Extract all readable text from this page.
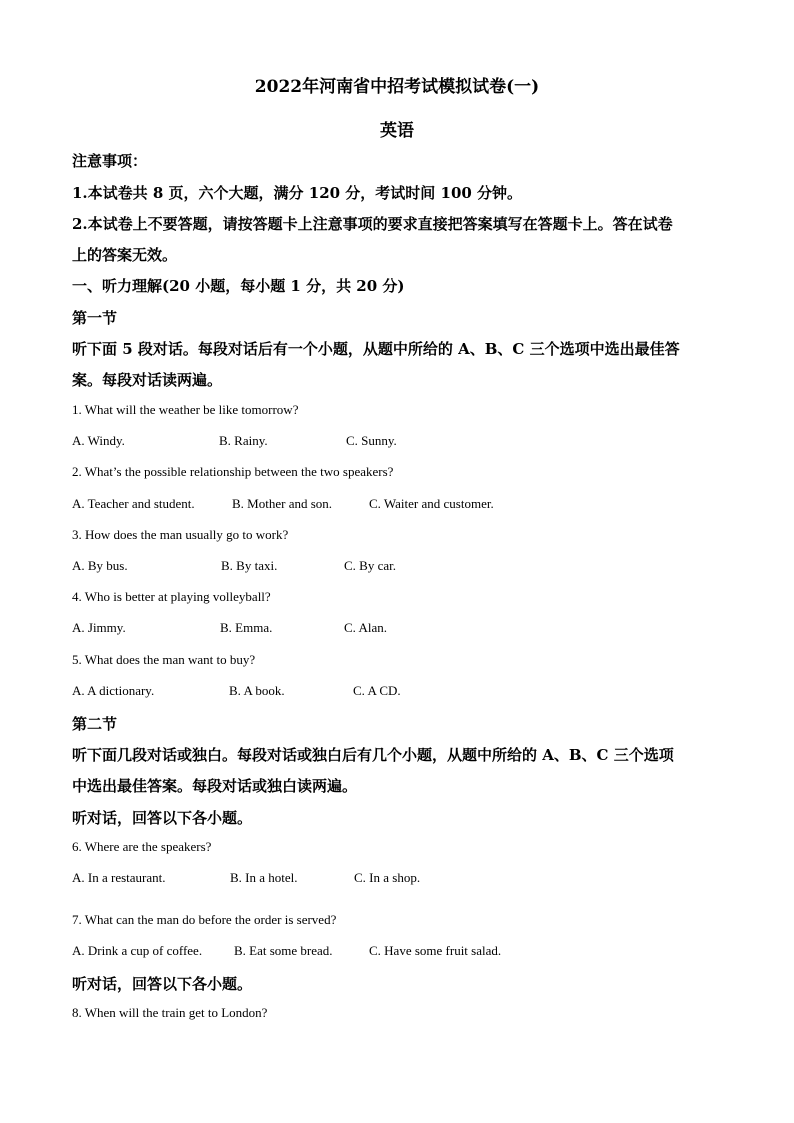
2022年河南省中招考试模拟试卷(一)
英语
注意事项：
1.本试卷共 8 页，六个大题，满分 120 分，考试时间 100 分钟。
2.本试卷上不要答题，请按答题卡上注意事项的要求直接把答案填写在答题卡上。答在试卷
上的答案无效。
一、听力理解(20 小题，每小题 1 分，共 20 分)
第一节
听下面 5 段对话。每段对话后有一个小题，从题中所给的 A、B、C 三个选项中选出最佳答
案。每段对话读两遍。
1. What will the weather be like tomorrow?
A. Windy.	B. Rainy.	C. Sunny.
2. What’s the possible relationship between the two speakers?
A. Teacher and student.	B. Mother and son.	C. Waiter and customer.
3. How does the man usually go to work?
A. By bus.	B. By taxi.	C. By car.
4. Who is better at playing volleyball?
A. Jimmy.	B. Emma.	C. Alan.
5. What does the man want to buy?
A. A dictionary.	B. A book.	C. A CD.
第二节
听下面几段对话或独白。每段对话或独白后有几个小题，从题中所给的 A、B、C 三个选项
中选出最佳答案。每段对话或独白读两遍。
听对话，回答以下各小题。
6. Where are the speakers?
A. In a restaurant.	B. In a hotel.	C. In a shop.
7. What can the man do before the order is served?
A. Drink a cup of coffee. B. Eat some bread.	C. Have some fruit salad.
听对话，回答以下各小题。
8. When will the train get to London?
